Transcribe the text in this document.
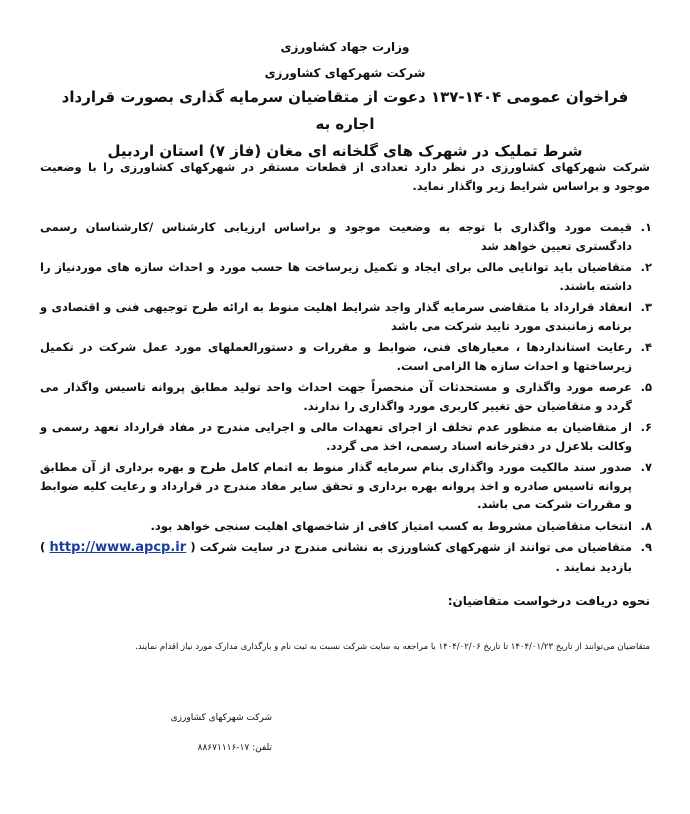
وزارت جهاد کشاورزی
شرکت شهرکهای کشاورزی
فراخوان عمومی ۱۴۰۴-۱۳۷ دعوت از متقاضیان سرمایه گذاری بصورت قرارداد اجاره به
شرط تملیک در شهرک های گلخانه ای مغان (فاز ۷) استان اردبیل
شرکت شهرکهای کشاورزی در نظر دارد تعدادی از قطعات مستقر در شهرکهای کشاورزی را با وضعیت موجود و براساس شرایط زیر واگذار نماید.
۱.
قیمت مورد واگذاری با توجه به وضعیت موجود و براساس ارزیابی کارشناس /کارشناسان رسمی دادگستری تعیین خواهد شد
۲.
متقاضیان باید توانایی مالی برای ایجاد و تکمیل زیرساخت ها حسب مورد و احداث سازه های موردنیاز را داشته باشند.
۳.
انعقاد قرارداد با متقاضی سرمایه گذار واجد شرایط اهلیت منوط به ارائه طرح توجیهی فنی و اقتصادی و برنامه زمانبندی مورد تایید شرکت می باشد
۴.
رعایت استانداردها ، معیارهای فنی، ضوابط و مقررات و دستورالعملهای مورد عمل شرکت در تکمیل زیرساختها و احداث سازه ها الزامی است.
۵.
عرصه مورد واگذاری و مستحدثات آن منحصراً جهت احداث واحد تولید مطابق پروانه تاسیس واگذار می گردد و متقاضیان حق تغییر کاربری مورد واگذاری را ندارند.
۶.
از متقاضیان به منظور عدم تخلف از اجرای تعهدات مالی و اجرایی مندرج در مفاد قرارداد تعهد رسمی و وکالت بلاعزل در دفترخانه اسناد رسمی، اخذ می گردد.
۷.
صدور سند مالکیت مورد واگذاری بنام سرمایه گذار منوط به اتمام کامل طرح و بهره برداری از آن مطابق پروانه تاسیس صادره و اخذ پروانه بهره برداری و تحقق سایر مفاد مندرج در قرارداد و رعایت کلیه ضوابط و مقررات شرکت می باشد.
۸.
انتخاب متقاضیان مشروط به کسب امتیاز کافی از شاخصهای اهلیت سنجی خواهد بود.
۹.
متقاضیان می توانند از شهرکهای کشاورزی به نشانی مندرج در سایت شرکت ( http://www.apcp.ir ) بازدید نمایند .
نحوه دریافت درخواست متقاضیان:
متقاضیان می‌توانند از تاریخ ۱۴۰۴/۰۱/۲۳ تا تاریخ ۱۴۰۴/۰۲/۰۶ با مراجعه به سایت شرکت نسبت به ثبت نام و بارگذاری مدارک مورد نیاز اقدام نمایند.
شرکت شهرکهای کشاورزی
تلفن: ۱۷-۸۸۶۷۱۱۱۶
